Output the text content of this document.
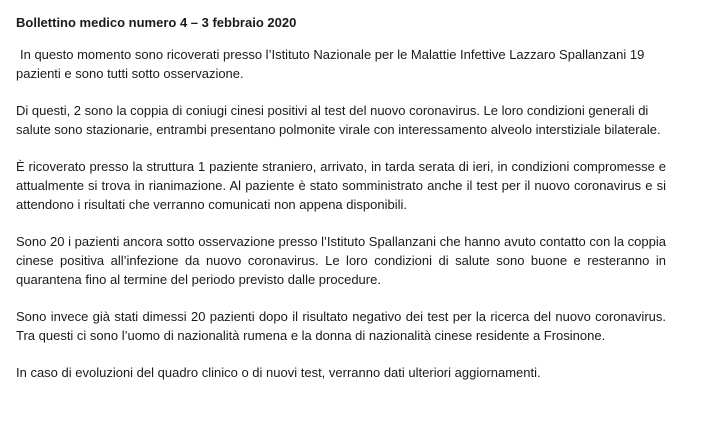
Bollettino medico numero 4 – 3 febbraio 2020

In questo momento sono ricoverati presso l’Istituto Nazionale per le Malattie Infettive Lazzaro Spallanzani 19 pazienti e sono tutti sotto osservazione.

Di questi, 2 sono la coppia di coniugi cinesi positivi al test del nuovo coronavirus. Le loro condizioni generali di salute sono stazionarie, entrambi presentano polmonite virale con interessamento alveolo interstiziale bilaterale.

È ricoverato presso la struttura 1 paziente straniero, arrivato, in tarda serata di ieri, in condizioni compromesse e attualmente si trova in rianimazione. Al paziente è stato somministrato anche il test per il nuovo coronavirus e si attendono i risultati che verranno comunicati non appena disponibili.

Sono 20 i pazienti ancora sotto osservazione presso l’Istituto Spallanzani che hanno avuto contatto con la coppia cinese positiva all’infezione da nuovo coronavirus. Le loro condizioni di salute sono buone e resteranno in quarantena fino al termine del periodo previsto dalle procedure.

Sono invece già stati dimessi 20 pazienti dopo il risultato negativo dei test per la ricerca del nuovo coronavirus. Tra questi ci sono l’uomo di nazionalità rumena e la donna di nazionalità cinese residente a Frosinone.

In caso di evoluzioni del quadro clinico o di nuovi test, verranno dati ulteriori aggiornamenti.
